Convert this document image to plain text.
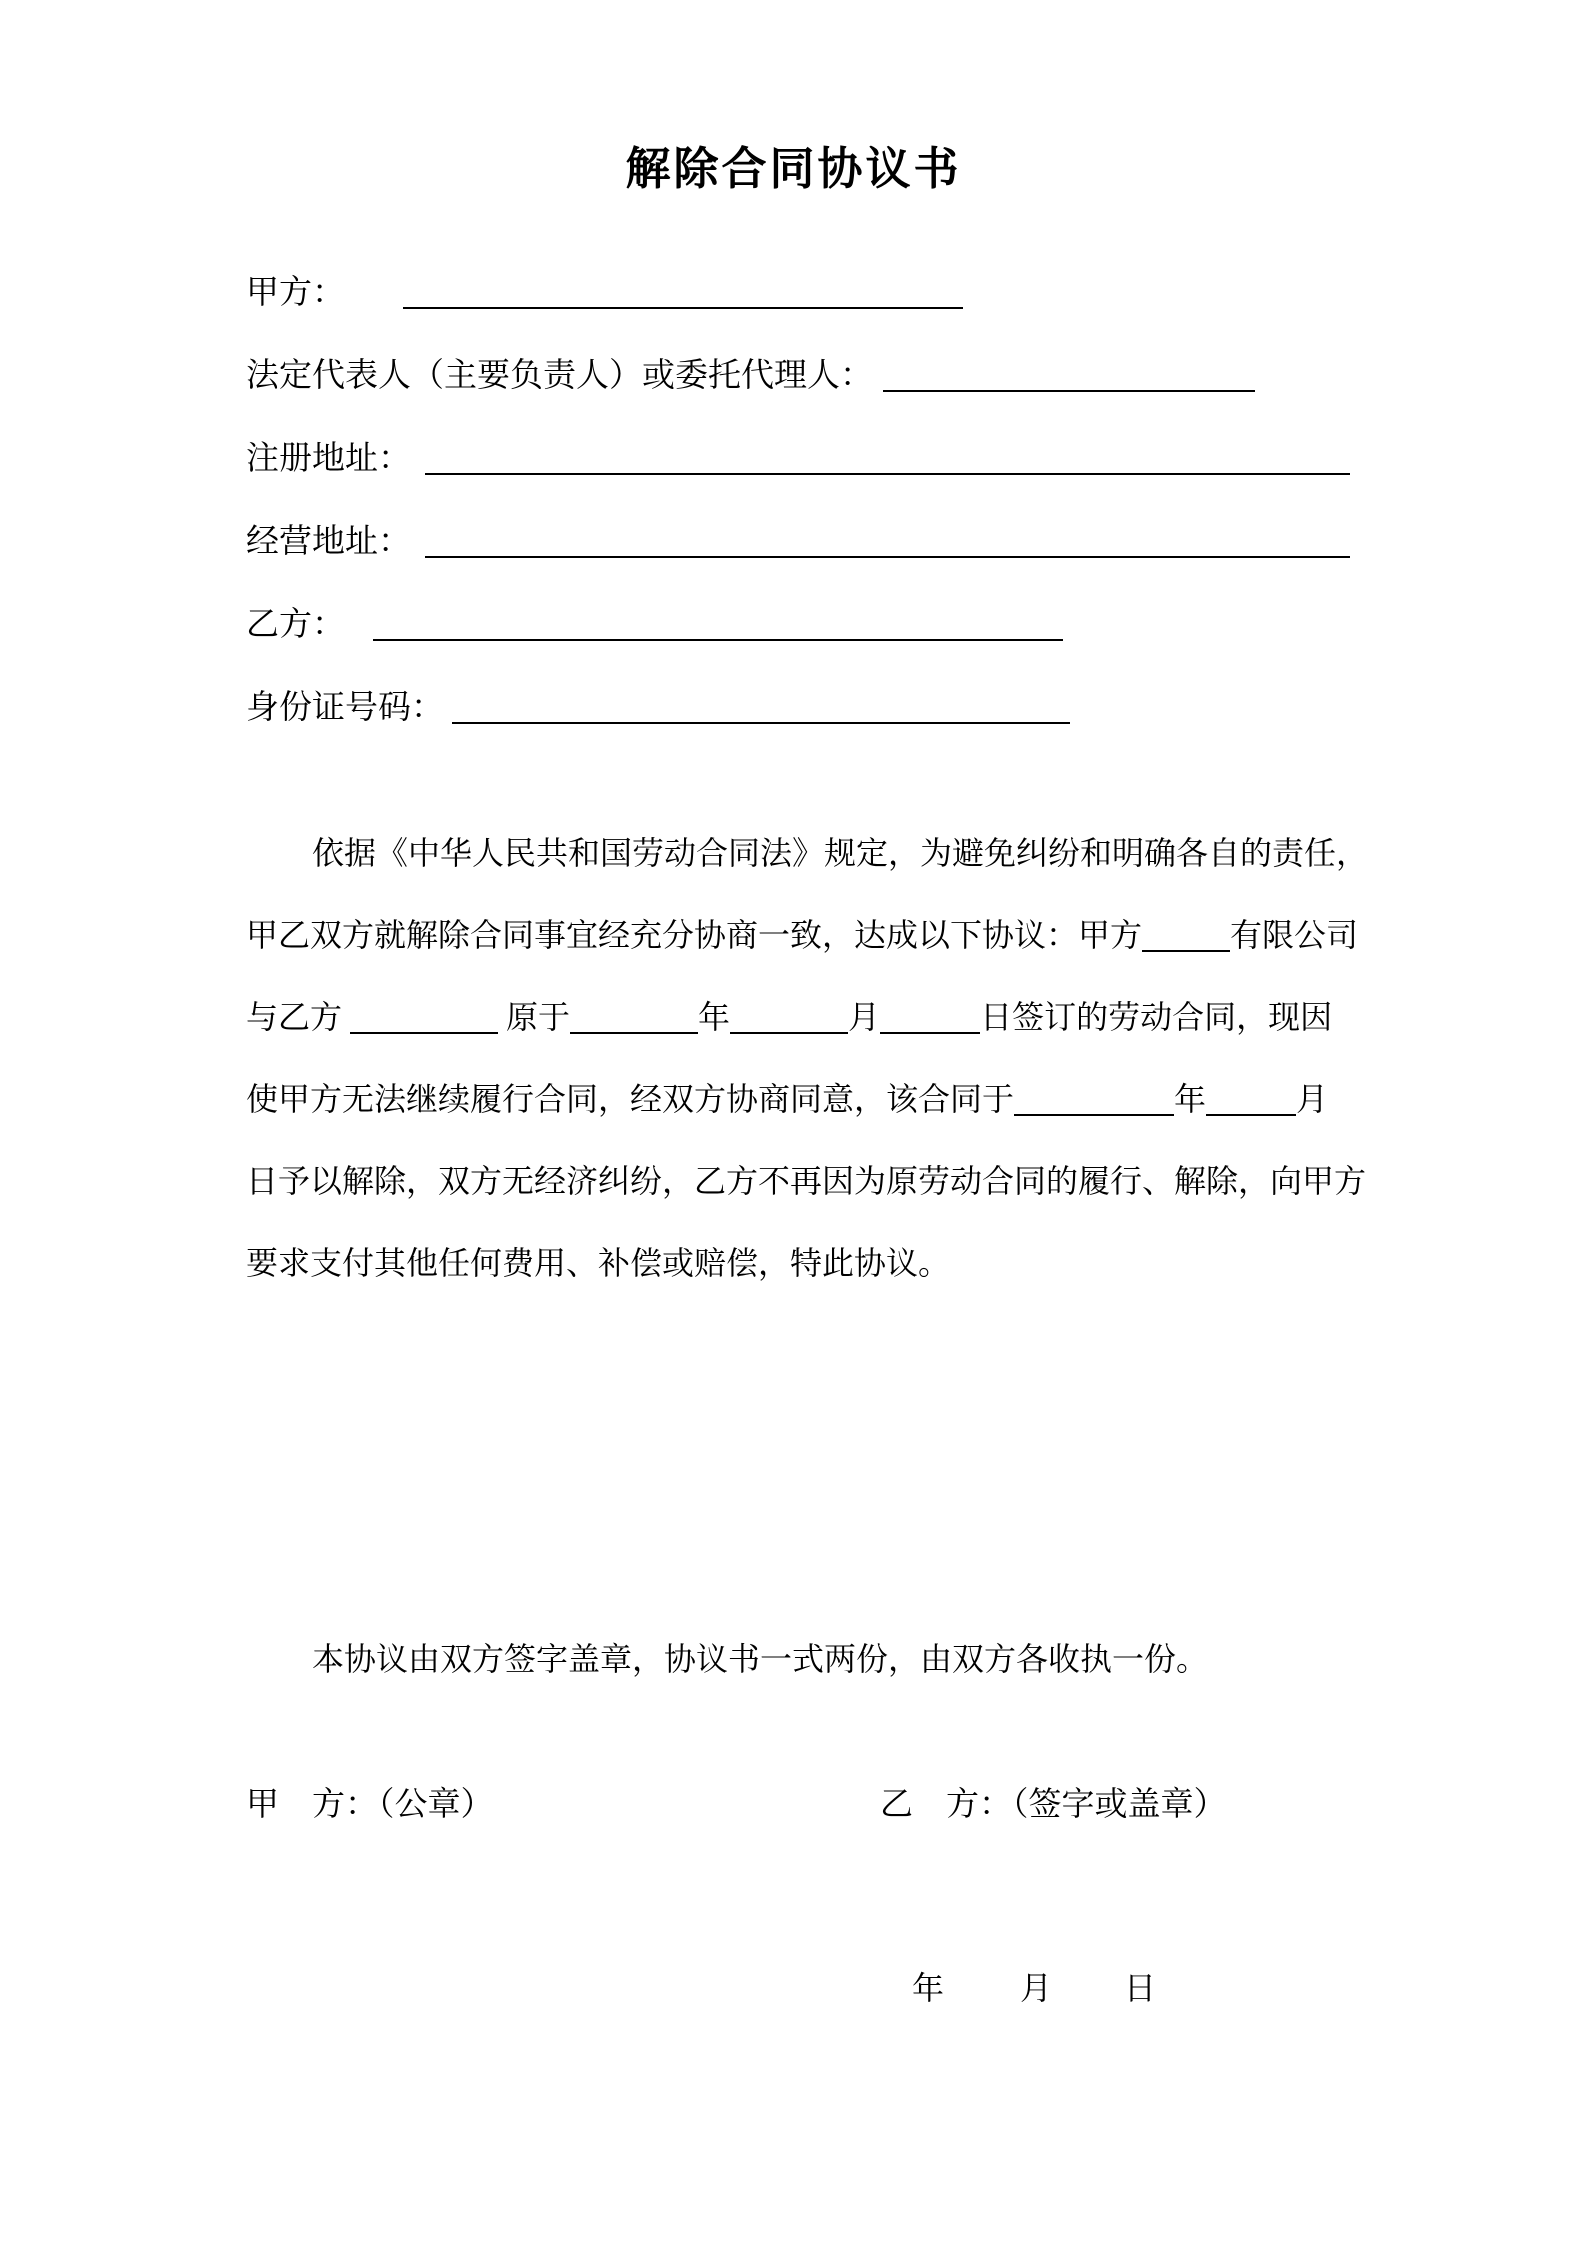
解除合同协议书
甲方：
法定代表人（主要负责人）或委托代理人：
注册地址：
经营地址：
乙方：
身份证号码：
依据《中华人民共和国劳动合同法》规定，为避免纠纷和明确各自的责任，
甲乙双方就解除合同事宜经充分协商一致，达成以下协议：甲方	有限公司
与乙方	原于	年	月	日签订的劳动合同，现因
使甲方无法继续履行合同，经双方协商同意，该合同于	年	月
日予以解除，双方无经济纠纷，乙方不再因为原劳动合同的履行、解除，向甲方
要求支付其他任何费用、补偿或赔偿，特此协议。
本协议由双方签字盖章，协议书一式两份，由双方各收执一份。
甲　方：（公章）	乙　方：（签字或盖章）
年 月 日
